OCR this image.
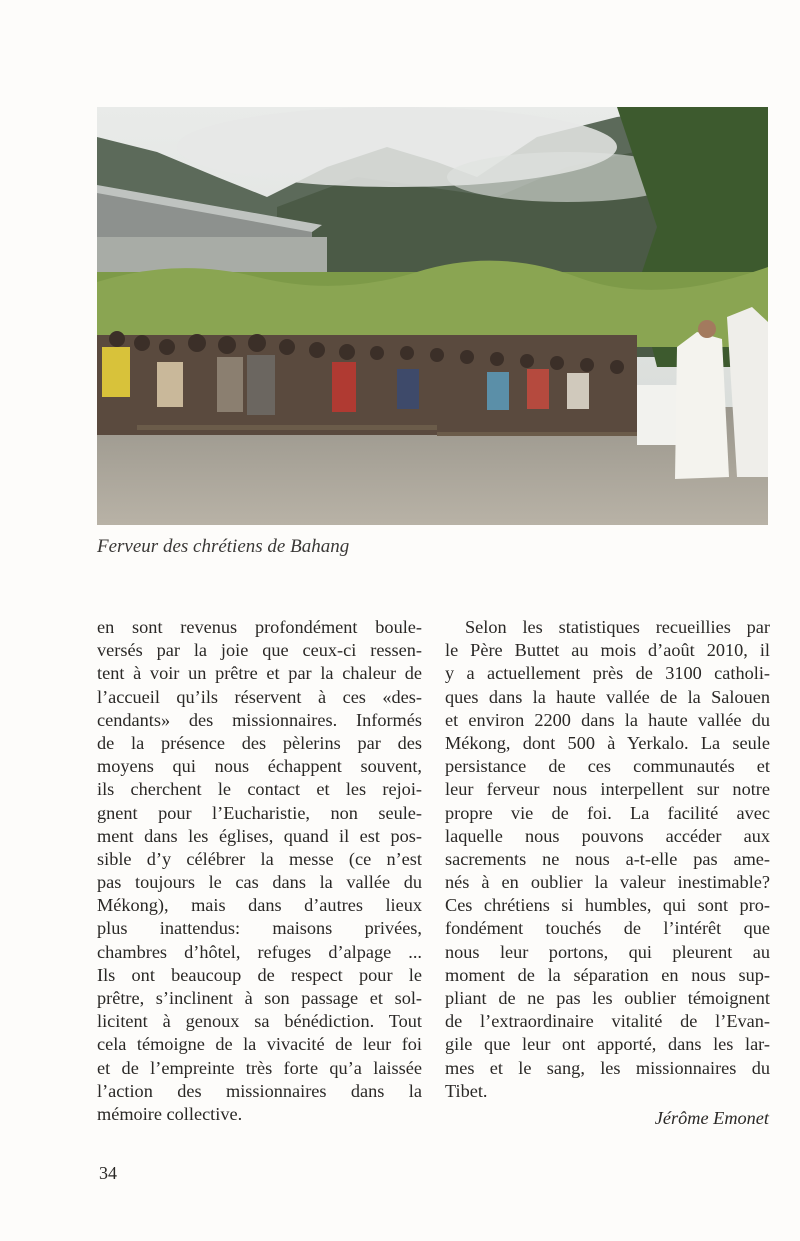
Ferveur des chrétiens de Bahang
en sont revenus profondément boule-
versés par la joie que ceux-ci ressen-
tent à voir un prêtre et par la chaleur de
l’accueil qu’ils réservent à ces «des-
cendants» des missionnaires. Informés
de la présence des pèlerins par des
moyens qui nous échappent souvent,
ils cherchent le contact et les rejoi-
gnent pour l’Eucharistie, non seule-
ment dans les églises, quand il est pos-
sible d’y célébrer la messe (ce n’est
pas toujours le cas dans la vallée du
Mékong), mais dans d’autres lieux
plus inattendus: maisons privées,
chambres d’hôtel, refuges d’alpage ...
Ils ont beaucoup de respect pour le
prêtre, s’inclinent à son passage et sol-
licitent à genoux sa bénédiction. Tout
cela témoigne de la vivacité de leur foi
et de l’empreinte très forte qu’a laissée
l’action des missionnaires dans la
mémoire collective.
Selon les statistiques recueillies par
le Père Buttet au mois d’août 2010, il
y a actuellement près de 3100 catholi-
ques dans la haute vallée de la Salouen
et environ 2200 dans la haute vallée du
Mékong, dont 500 à Yerkalo. La seule
persistance de ces communautés et
leur ferveur nous interpellent sur notre
propre vie de foi. La facilité avec
laquelle nous pouvons accéder aux
sacrements ne nous a-t-elle pas ame-
nés à en oublier la valeur inestimable?
Ces chrétiens si humbles, qui sont pro-
fondément touchés de l’intérêt que
nous leur portons, qui pleurent au
moment de la séparation en nous sup-
pliant de ne pas les oublier témoignent
de l’extraordinaire vitalité de l’Evan-
gile que leur ont apporté, dans les lar-
mes et le sang, les missionnaires du
Tibet.
Jérôme Emonet
34
